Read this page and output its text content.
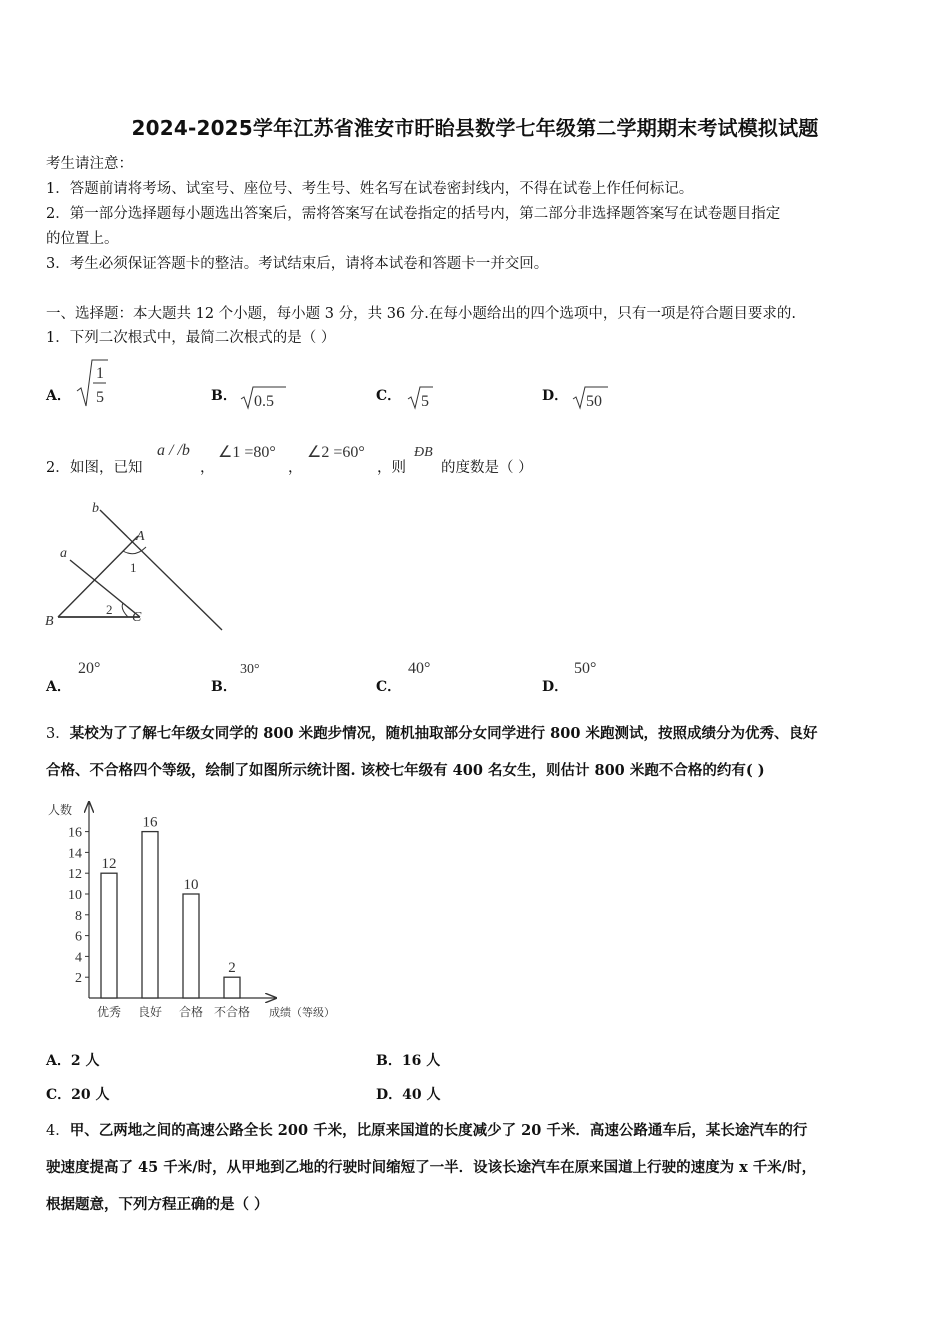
2024-2025学年江苏省淮安市盱眙县数学七年级第二学期期末考试模拟试题
考生请注意：
1．答题前请将考场、试室号、座位号、考生号、姓名写在试卷密封线内，不得在试卷上作任何标记。
2．第一部分选择题每小题选出答案后，需将答案写在试卷指定的括号内，第二部分非选择题答案写在试卷题目指定
的位置上。
3．考生必须保证答题卡的整洁。考试结束后，请将本试卷和答题卡一并交回。
一、选择题：本大题共 12 个小题，每小题 3 分，共 36 分.在每小题给出的四个选项中，只有一项是符合题目要求的.
1．下列二次根式中，最简二次根式的是（ ）
A．
1
5	B． 0.5	C． 5	D． 50
2． 如图，已知
a / /b
，
∠1 =80°
，
∠2 =60°
，则
ÐB
的度数是（ ）
b
a
A
1
B
2
C
A．
20°
B．
30°
C．
40°
D．
50°
3．某校为了了解七年级女同学的 800 米跑步情况，随机抽取部分女同学进行 800 米跑测试，按照成绩分为优秀、良好
合格、不合格四个等级，绘制了如图所示统计图. 该校七年级有 400 名女生，则估计 800 米跑不合格的约有( )
人数
成绩（等级）
2
4
6
8
10
12
14
16
12
优秀
16
良好
10
合格
2
不合格
A．2 人	B．16 人
C．20 人	D．40 人
4．甲、乙两地之间的高速公路全长 200 千米，比原来国道的长度减少了 20 千米．高速公路通车后，某长途汽车的行
驶速度提高了 45 千米/时，从甲地到乙地的行驶时间缩短了一半．设该长途汽车在原来国道上行驶的速度为 x 千米/时，
根据题意，下列方程正确的是（ ）
